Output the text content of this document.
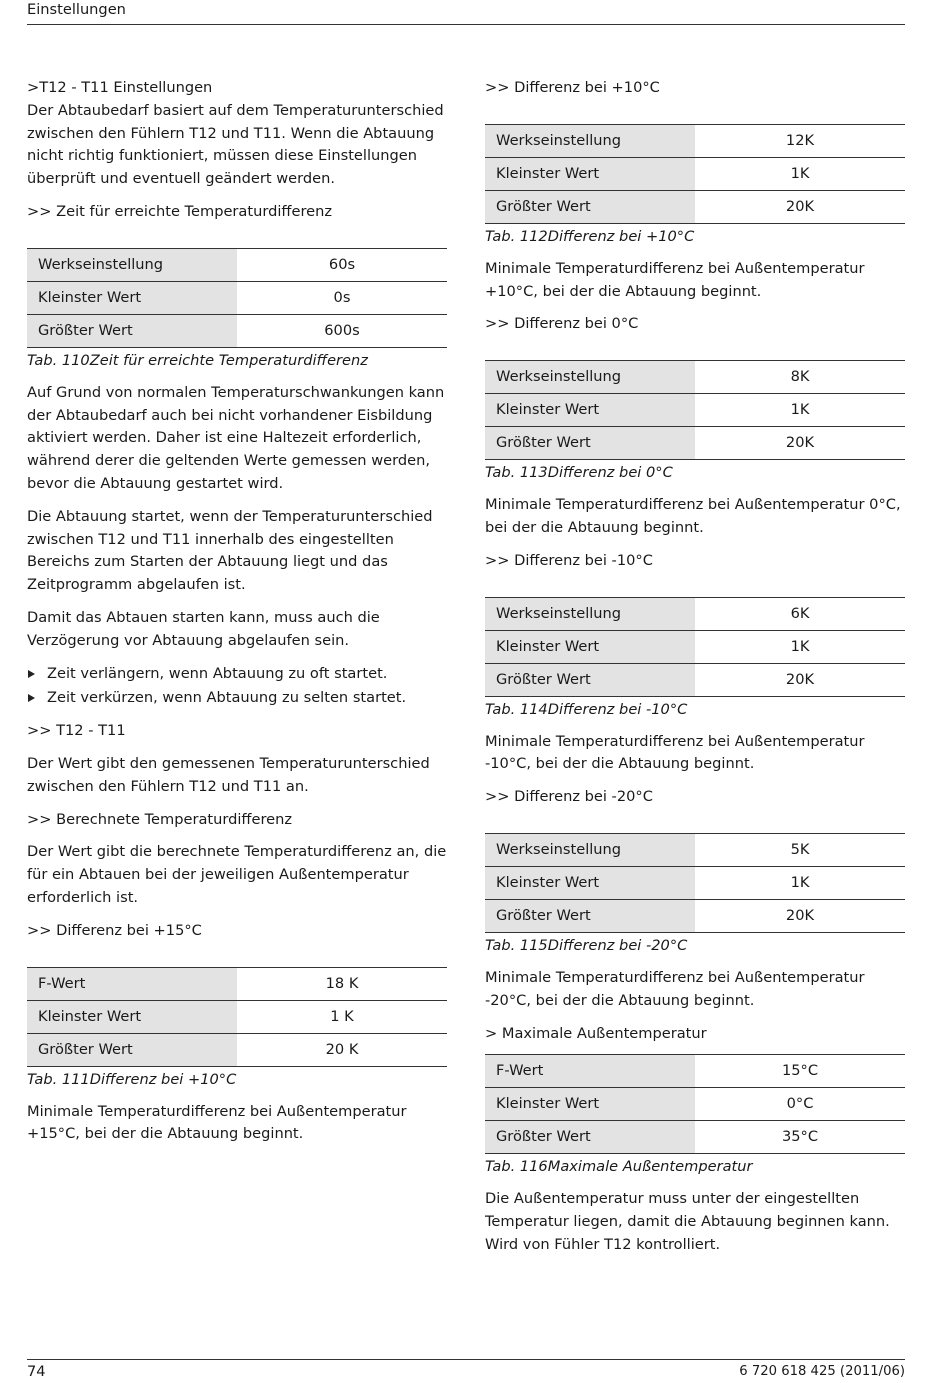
Einstellungen

>T12 - T11 Einstellungen

Der Abtaubedarf basiert auf dem Temperaturunterschied zwischen den Fühlern T12 und T11. Wenn die Abtauung nicht richtig funktioniert, müssen diese Einstellungen überprüft und eventuell geändert werden.

>> Zeit für erreichte Temperaturdifferenz

Werkseinstellung	60s
Kleinster Wert	0s
Größter Wert	600s
Tab. 110Zeit für erreichte Temperaturdifferenz

Auf Grund von normalen Temperaturschwankungen kann der Abtaubedarf auch bei nicht vorhandener Eisbildung aktiviert werden. Daher ist eine Haltezeit erforderlich, während derer die geltenden Werte gemessen werden, bevor die Abtauung gestartet wird.

Die Abtauung startet, wenn der Temperaturunterschied zwischen T12 und T11 innerhalb des eingestellten Bereichs zum Starten der Abtauung liegt und das Zeitprogramm abgelaufen ist.

Damit das Abtauen starten kann, muss auch die Verzögerung vor Abtauung abgelaufen sein.

Zeit verlängern, wenn Abtauung zu oft startet.
Zeit verkürzen, wenn Abtauung zu selten startet.

>> T12 - T11

Der Wert gibt den gemessenen Temperaturunterschied zwischen den Fühlern T12 und T11 an.

>> Berechnete Temperaturdifferenz

Der Wert gibt die berechnete Temperaturdifferenz an, die für ein Abtauen bei der jeweiligen Außentemperatur erforderlich ist.

>> Differenz bei +15°C

F-Wert	18 K
Kleinster Wert	1 K
Größter Wert	20 K
Tab. 111Differenz bei +10°C

Minimale Temperaturdifferenz bei Außentemperatur +15°C, bei der die Abtauung beginnt.

>> Differenz bei +10°C

Werkseinstellung	12K
Kleinster Wert	1K
Größter Wert	20K
Tab. 112Differenz bei +10°C

Minimale Temperaturdifferenz bei Außentemperatur +10°C, bei der die Abtauung beginnt.

>> Differenz bei 0°C

Werkseinstellung	8K
Kleinster Wert	1K
Größter Wert	20K
Tab. 113Differenz bei 0°C

Minimale Temperaturdifferenz bei Außentemperatur 0°C, bei der die Abtauung beginnt.

>> Differenz bei -10°C

Werkseinstellung	6K
Kleinster Wert	1K
Größter Wert	20K
Tab. 114Differenz bei -10°C

Minimale Temperaturdifferenz bei Außentemperatur -10°C, bei der die Abtauung beginnt.

>> Differenz bei -20°C

Werkseinstellung	5K
Kleinster Wert	1K
Größter Wert	20K
Tab. 115Differenz bei -20°C

Minimale Temperaturdifferenz bei Außentemperatur -20°C, bei der die Abtauung beginnt.

> Maximale Außentemperatur

F-Wert	15°C
Kleinster Wert	0°C
Größter Wert	35°C
Tab. 116Maximale Außentemperatur

Die Außentemperatur muss unter der eingestellten Temperatur liegen, damit die Abtauung beginnen kann. Wird von Fühler T12 kontrolliert.

74	6 720 618 425 (2011/06)
